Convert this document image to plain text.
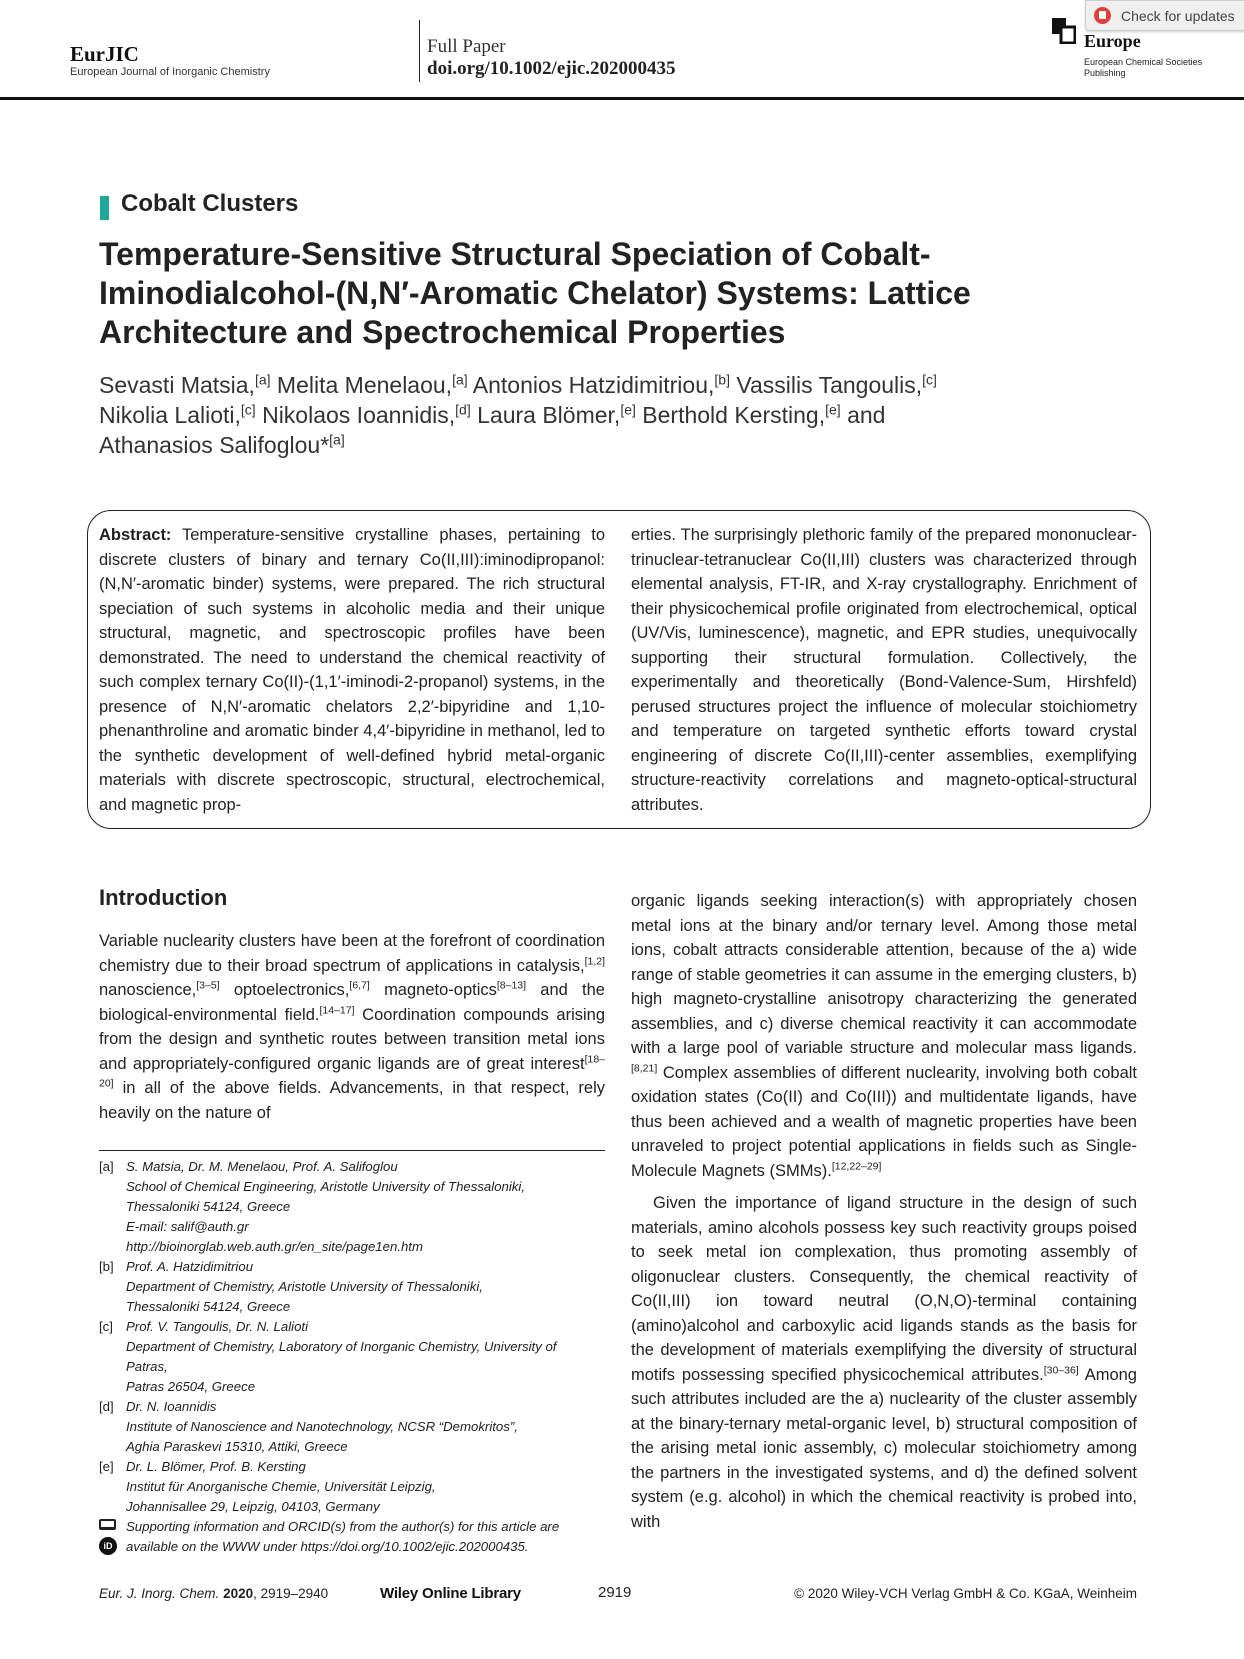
EurJIC
European Journal of Inorganic Chemistry
Full Paper
doi.org/10.1002/ejic.202000435
Europe
European Chemical Societies Publishing
Check for updates
Cobalt Clusters
Temperature-Sensitive Structural Speciation of Cobalt-Iminodialcohol-(N,N′-Aromatic Chelator) Systems: Lattice Architecture and Spectrochemical Properties
Sevasti Matsia,[a] Melita Menelaou,[a] Antonios Hatzidimitriou,[b] Vassilis Tangoulis,[c]
Nikolia Lalioti,[c] Nikolaos Ioannidis,[d] Laura Blömer,[e] Berthold Kersting,[e] and
Athanasios Salifoglou*[a]
Abstract: Temperature-sensitive crystalline phases, pertaining to discrete clusters of binary and ternary Co(II,III):iminodipropanol:(N,N′-aromatic binder) systems, were prepared. The rich structural speciation of such systems in alcoholic media and their unique structural, magnetic, and spectroscopic profiles have been demonstrated. The need to understand the chemical reactivity of such complex ternary Co(II)-(1,1′-iminodi-2-propanol) systems, in the presence of N,N′-aromatic chelators 2,2′-bipyridine and 1,10-phenanthroline and aromatic binder 4,4′-bipyridine in methanol, led to the synthetic development of well-defined hybrid metal-organic materials with discrete spectroscopic, structural, electrochemical, and magnetic prop-
erties. The surprisingly plethoric family of the prepared mononuclear-trinuclear-tetranuclear Co(II,III) clusters was characterized through elemental analysis, FT-IR, and X-ray crystallography. Enrichment of their physicochemical profile originated from electrochemical, optical (UV/Vis, luminescence), magnetic, and EPR studies, unequivocally supporting their structural formulation. Collectively, the experimentally and theoretically (Bond-Valence-Sum, Hirshfeld) perused structures project the influence of molecular stoichiometry and temperature on targeted synthetic efforts toward crystal engineering of discrete Co(II,III)-center assemblies, exemplifying structure-reactivity correlations and magneto-optical-structural attributes.
Introduction
Variable nuclearity clusters have been at the forefront of coordination chemistry due to their broad spectrum of applications in catalysis,[1,2] nanoscience,[3–5] optoelectronics,[6,7] magneto-optics[8–13] and the biological-environmental field.[14–17] Coordination compounds arising from the design and synthetic routes between transition metal ions and appropriately-configured organic ligands are of great interest[18–20] in all of the above fields. Advancements, in that respect, rely heavily on the nature of
organic ligands seeking interaction(s) with appropriately chosen metal ions at the binary and/or ternary level. Among those metal ions, cobalt attracts considerable attention, because of the a) wide range of stable geometries it can assume in the emerging clusters, b) high magneto-crystalline anisotropy characterizing the generated assemblies, and c) diverse chemical reactivity it can accommodate with a large pool of variable structure and molecular mass ligands.[8,21] Complex assemblies of different nuclearity, involving both cobalt oxidation states (Co(II) and Co(III)) and multidentate ligands, have thus been achieved and a wealth of magnetic properties have been unraveled to project potential applications in fields such as Single-Molecule Magnets (SMMs).[12,22–29]
Given the importance of ligand structure in the design of such materials, amino alcohols possess key such reactivity groups poised to seek metal ion complexation, thus promoting assembly of oligonuclear clusters. Consequently, the chemical reactivity of Co(II,III) ion toward neutral (O,N,O)-terminal containing (amino)alcohol and carboxylic acid ligands stands as the basis for the development of materials exemplifying the diversity of structural motifs possessing specified physicochemical attributes.[30–36] Among such attributes included are the a) nuclearity of the cluster assembly at the binary-ternary metal-organic level, b) structural composition of the arising metal ionic assembly, c) molecular stoichiometry among the partners in the investigated systems, and d) the defined solvent system (e.g. alcohol) in which the chemical reactivity is probed into, with
[a] S. Matsia, Dr. M. Menelaou, Prof. A. Salifoglou
School of Chemical Engineering, Aristotle University of Thessaloniki,
Thessaloniki 54124, Greece
E-mail: salif@auth.gr
http://bioinorglab.web.auth.gr/en_site/page1en.htm
[b] Prof. A. Hatzidimitriou
Department of Chemistry, Aristotle University of Thessaloniki,
Thessaloniki 54124, Greece
[c] Prof. V. Tangoulis, Dr. N. Lalioti
Department of Chemistry, Laboratory of Inorganic Chemistry, University of
Patras,
Patras 26504, Greece
[d] Dr. N. Ioannidis
Institute of Nanoscience and Nanotechnology, NCSR “Demokritos”,
Aghia Paraskevi 15310, Attiki, Greece
[e] Dr. L. Blömer, Prof. B. Kersting
Institut für Anorganische Chemie, Universität Leipzig,
Johannisallee 29, Leipzig, 04103, Germany
iD
Supporting information and ORCID(s) from the author(s) for this article are
available on the WWW under https://doi.org/10.1002/ejic.202000435.
Eur. J. Inorg. Chem. 2020, 2919–2940	Wiley Online Library	2919	© 2020 Wiley-VCH Verlag GmbH & Co. KGaA, Weinheim
